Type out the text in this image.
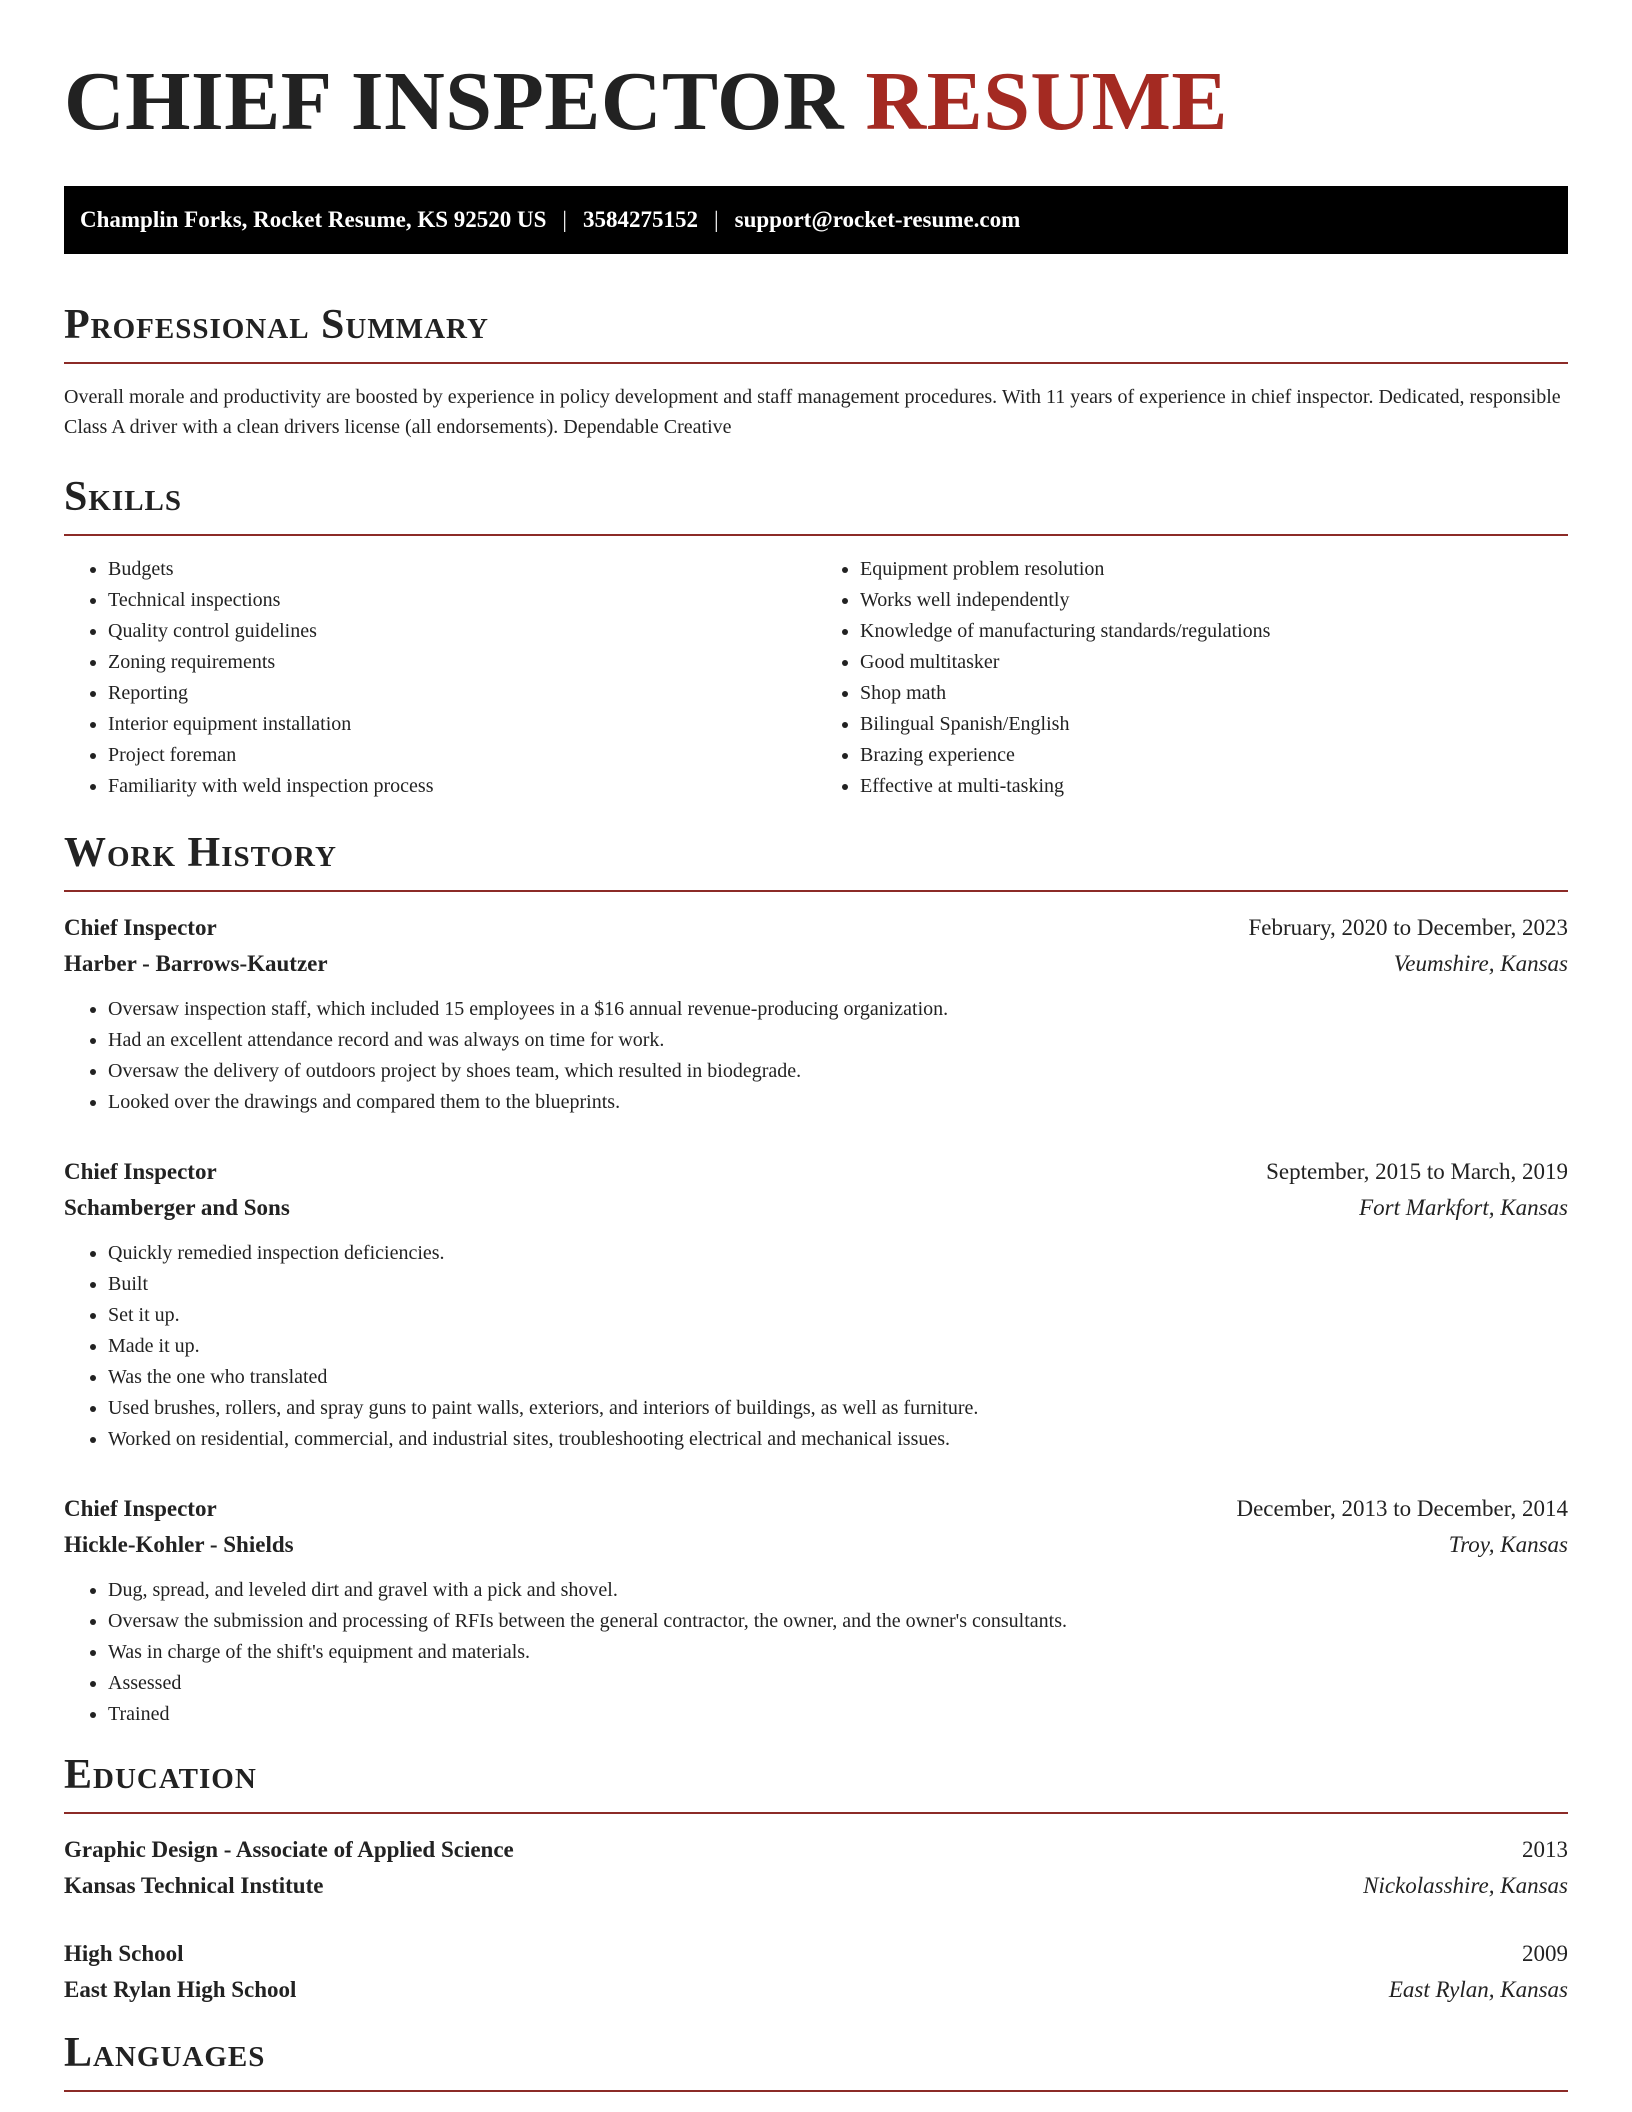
CHIEF INSPECTOR RESUME
Champlin Forks, Rocket Resume, KS 92520 US | 3584275152 | support@rocket-resume.com
Professional Summary

Overall morale and productivity are boosted by experience in policy development and staff management procedures. With 11 years of experience in chief inspector. Dedicated, responsible Class A driver with a clean drivers license (all endorsements). Dependable Creative

Skills
• Budgets
• Technical inspections
• Quality control guidelines
• Zoning requirements
• Reporting
• Interior equipment installation
• Project foreman
• Familiarity with weld inspection process
• Equipment problem resolution
• Works well independently
• Knowledge of manufacturing standards/regulations
• Good multitasker
• Shop math
• Bilingual Spanish/English
• Brazing experience
• Effective at multi-tasking
Work History
Chief Inspector	February, 2020 to December, 2023
Harber - Barrows-Kautzer	Veumshire, Kansas
• Oversaw inspection staff, which included 15 employees in a $16 annual revenue-producing organization.
• Had an excellent attendance record and was always on time for work.
• Oversaw the delivery of outdoors project by shoes team, which resulted in biodegrade.
• Looked over the drawings and compared them to the blueprints.
Chief Inspector	September, 2015 to March, 2019
Schamberger and Sons	Fort Markfort, Kansas
• Quickly remedied inspection deficiencies.
• Built
• Set it up.
• Made it up.
• Was the one who translated
• Used brushes, rollers, and spray guns to paint walls, exteriors, and interiors of buildings, as well as furniture.
• Worked on residential, commercial, and industrial sites, troubleshooting electrical and mechanical issues.
Chief Inspector	December, 2013 to December, 2014
Hickle-Kohler - Shields	Troy, Kansas
• Dug, spread, and leveled dirt and gravel with a pick and shovel.
• Oversaw the submission and processing of RFIs between the general contractor, the owner, and the owner's consultants.
• Was in charge of the shift's equipment and materials.
• Assessed
• Trained
Education
Graphic Design - Associate of Applied Science	2013
Kansas Technical Institute	Nickolasshire, Kansas
High School	2009
East Rylan High School	East Rylan, Kansas
Languages
